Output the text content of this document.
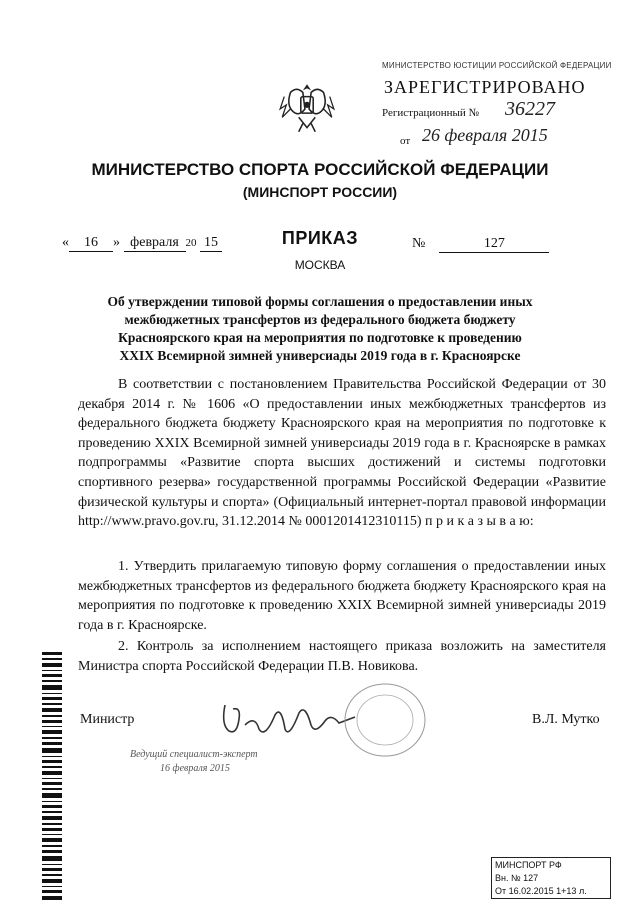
МИНИСТЕРСТВО ЮСТИЦИИ РОССИЙСКОЙ ФЕДЕРАЦИИ
ЗАРЕГИСТРИРОВАНО
Регистрационный № 36227
от 26 февраля 2015
МИНИСТЕРСТВО СПОРТА РОССИЙСКОЙ ФЕДЕРАЦИИ
(МИНСПОРТ РОССИИ)
ПРИКАЗ
МОСКВА
« 16 » февраля 20 15	№	127
Об утверждении типовой формы соглашения о предоставлении иных межбюджетных трансфертов из федерального бюджета бюджету Красноярского края на мероприятия по подготовке к проведению XXIX Всемирной зимней универсиады 2019 года в г. Красноярске
В соответствии с постановлением Правительства Российской Федерации от 30 декабря 2014 г. № 1606 «О предоставлении иных межбюджетных трансфертов из федерального бюджета бюджету Красноярского края на мероприятия по подготовке к проведению XXIX Всемирной зимней универсиады 2019 года в г. Красноярске в рамках подпрограммы «Развитие спорта высших достижений и системы подготовки спортивного резерва» государственной программы Российской Федерации «Развитие физической культуры и спорта» (Официальный интернет-портал правовой информации http://www.pravo.gov.ru, 31.12.2014 № 0001201412310115) п р и к а з ы в а ю:
1. Утвердить прилагаемую типовую форму соглашения о предоставлении иных межбюджетных трансфертов из федерального бюджета бюджету Красноярского края на мероприятия по подготовке к проведению XXIX Всемирной зимней универсиады 2019 года в г. Красноярске.
2. Контроль за исполнением настоящего приказа возложить на заместителя Министра спорта Российской Федерации П.В. Новикова.
Министр	В.Л. Мутко
Ведущий специалист-эксперт
16 февраля 2015
МИНСПОРТ РФ
Вн. № 127
От 16.02.2015 1+13 л.
